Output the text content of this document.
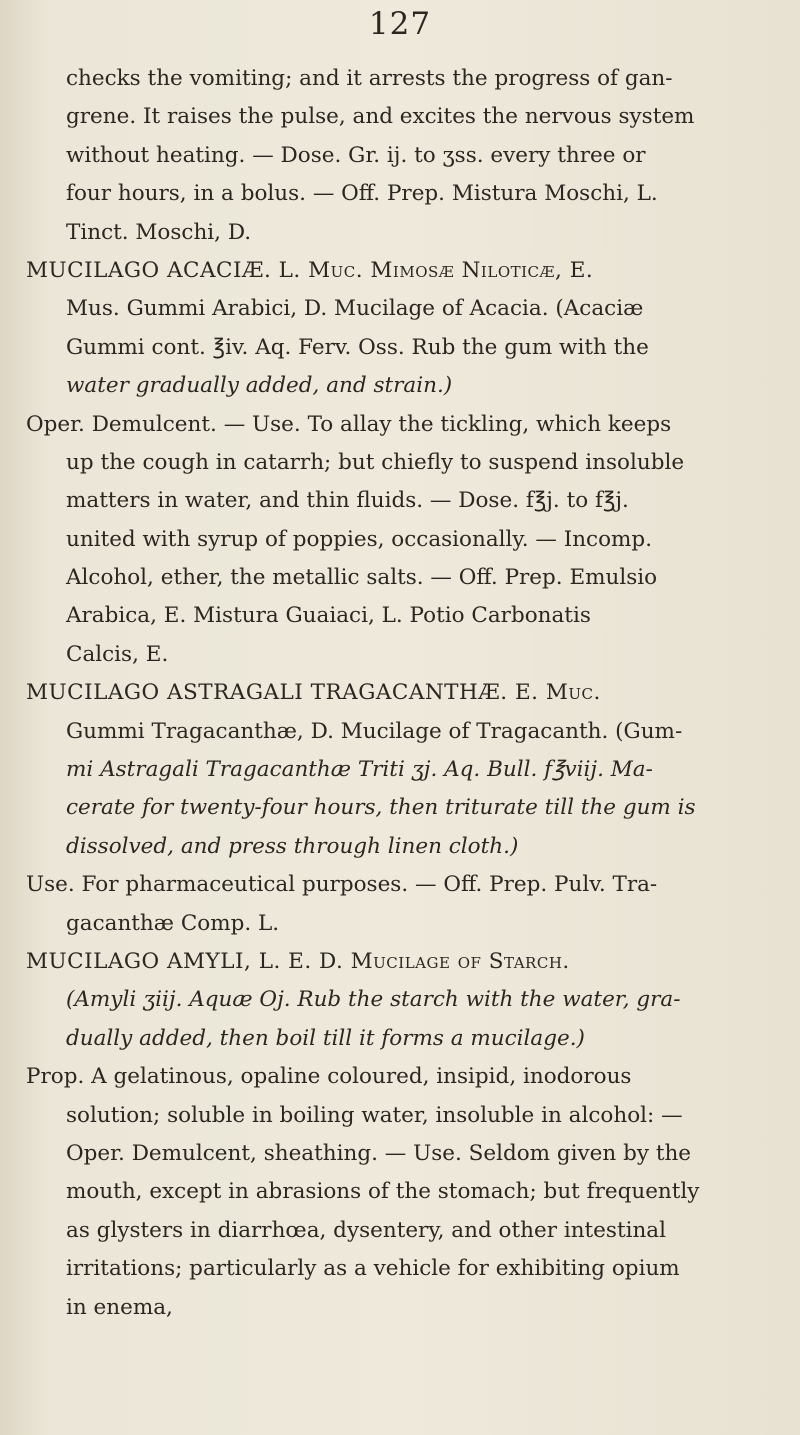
127
checks the vomiting; and it arrests the progress of gan-
grene. It raises the pulse, and excites the nervous system
without heating. — Dose. Gr. ij. to ʒss. every three or
four hours, in a bolus. — Off. Prep. Mistura Moschi, L.
Tinct. Moschi, D.
MUCILAGO ACACIÆ. L. Muc. Mimosæ Niloticæ, E.
Mus. Gummi Arabici, D. Mucilage of Acacia. (Acaciæ
Gummi cont. ℥iv. Aq. Ferv. Oss. Rub the gum with the
water gradually added, and strain.)
Oper. Demulcent. — Use. To allay the tickling, which keeps
up the cough in catarrh; but chiefly to suspend insoluble
matters in water, and thin fluids. — Dose. f℥j. to f℥j.
united with syrup of poppies, occasionally. — Incomp.
Alcohol, ether, the metallic salts. — Off. Prep. Emulsio
Arabica, E. Mistura Guaiaci, L. Potio Carbonatis
Calcis, E.
MUCILAGO ASTRAGALI TRAGACANTHÆ. E. Muc.
Gummi Tragacanthæ, D. Mucilage of Tragacanth. (Gum-
mi Astragali Tragacanthæ Triti ʒj. Aq. Bull. f℥viij. Ma-
cerate for twenty-four hours, then triturate till the gum is
dissolved, and press through linen cloth.)
Use. For pharmaceutical purposes. — Off. Prep. Pulv. Tra-
gacanthæ Comp. L.
MUCILAGO AMYLI, L. E. D. Mucilage of Starch.
(Amyli ʒiij. Aquæ Oj. Rub the starch with the water, gra-
dually added, then boil till it forms a mucilage.)
Prop. A gelatinous, opaline coloured, insipid, inodorous
solution; soluble in boiling water, insoluble in alcohol: —
Oper. Demulcent, sheathing. — Use. Seldom given by the
mouth, except in abrasions of the stomach; but frequently
as glysters in diarrhœa, dysentery, and other intestinal
irritations; particularly as a vehicle for exhibiting opium
in enema,
